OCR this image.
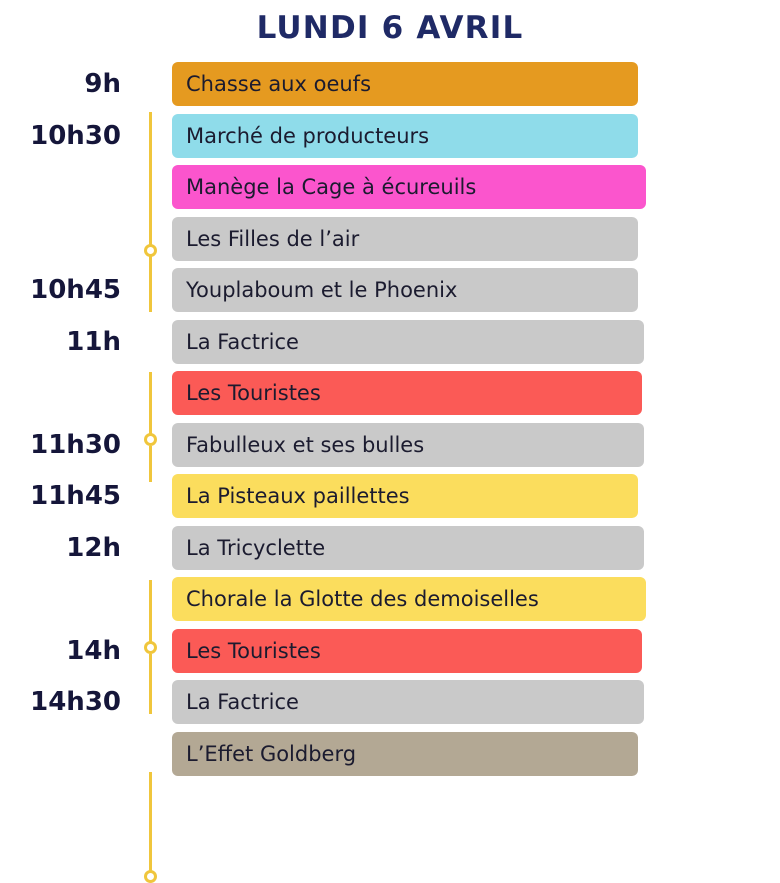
LUNDI 6 AVRIL
9h	Chasse aux oeufs
10h30	Marché de producteurs
Manège la Cage à écureuils
Les Filles de l’air
10h45	Youplaboum et le Phoenix
11h	La Factrice
Les Touristes
11h30	Fabulleux et ses bulles
11h45	La Pisteaux paillettes
12h	La Tricyclette
Chorale la Glotte des demoiselles
14h	Les Touristes
14h30	La Factrice
L’Effet Goldberg
